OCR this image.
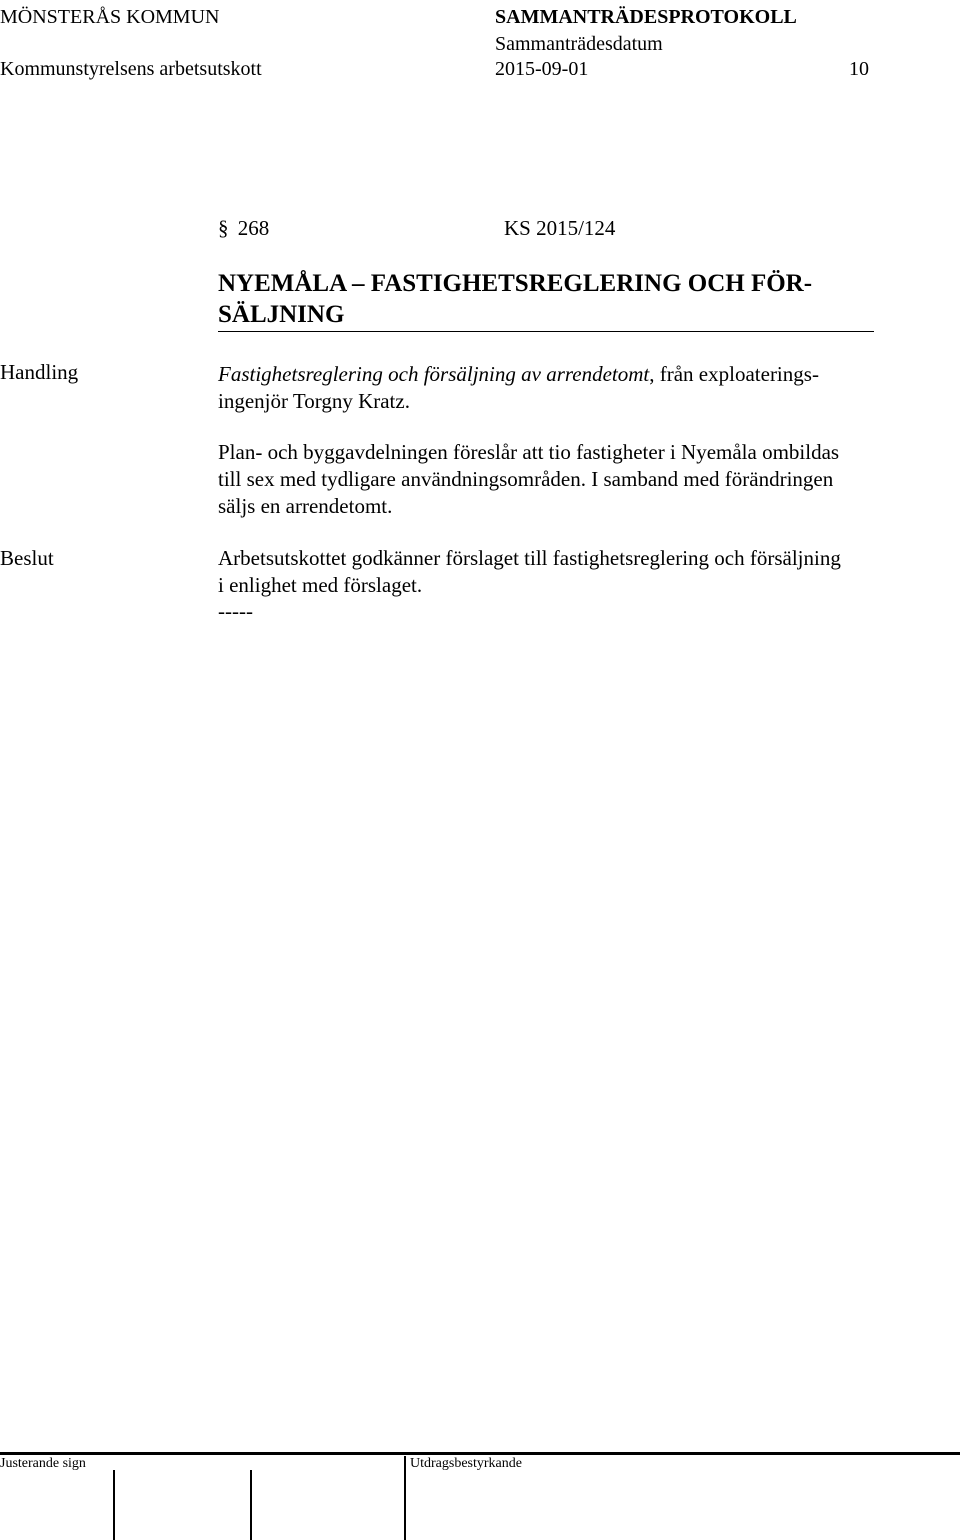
MÖNSTERÅS KOMMUN	SAMMANTRÄDESPROTOKOLL
Sammanträdesdatum
Kommunstyrelsens arbetsutskott	2015-09-01	10
§ 268	KS 2015/124
NYEMÅLA – FASTIGHETSREGLERING OCH FÖR-
SÄLJNING
Handling	Fastighetsreglering och försäljning av arrendetomt, från exploaterings-
ingenjör Torgny Kratz.
Plan- och byggavdelningen föreslår att tio fastigheter i Nyemåla ombildas
till sex med tydligare användningsområden. I samband med förändringen
säljs en arrendetomt.
Beslut	Arbetsutskottet godkänner förslaget till fastighetsreglering och försäljning
i enlighet med förslaget.
-----
Justerande sign	Utdragsbestyrkande
